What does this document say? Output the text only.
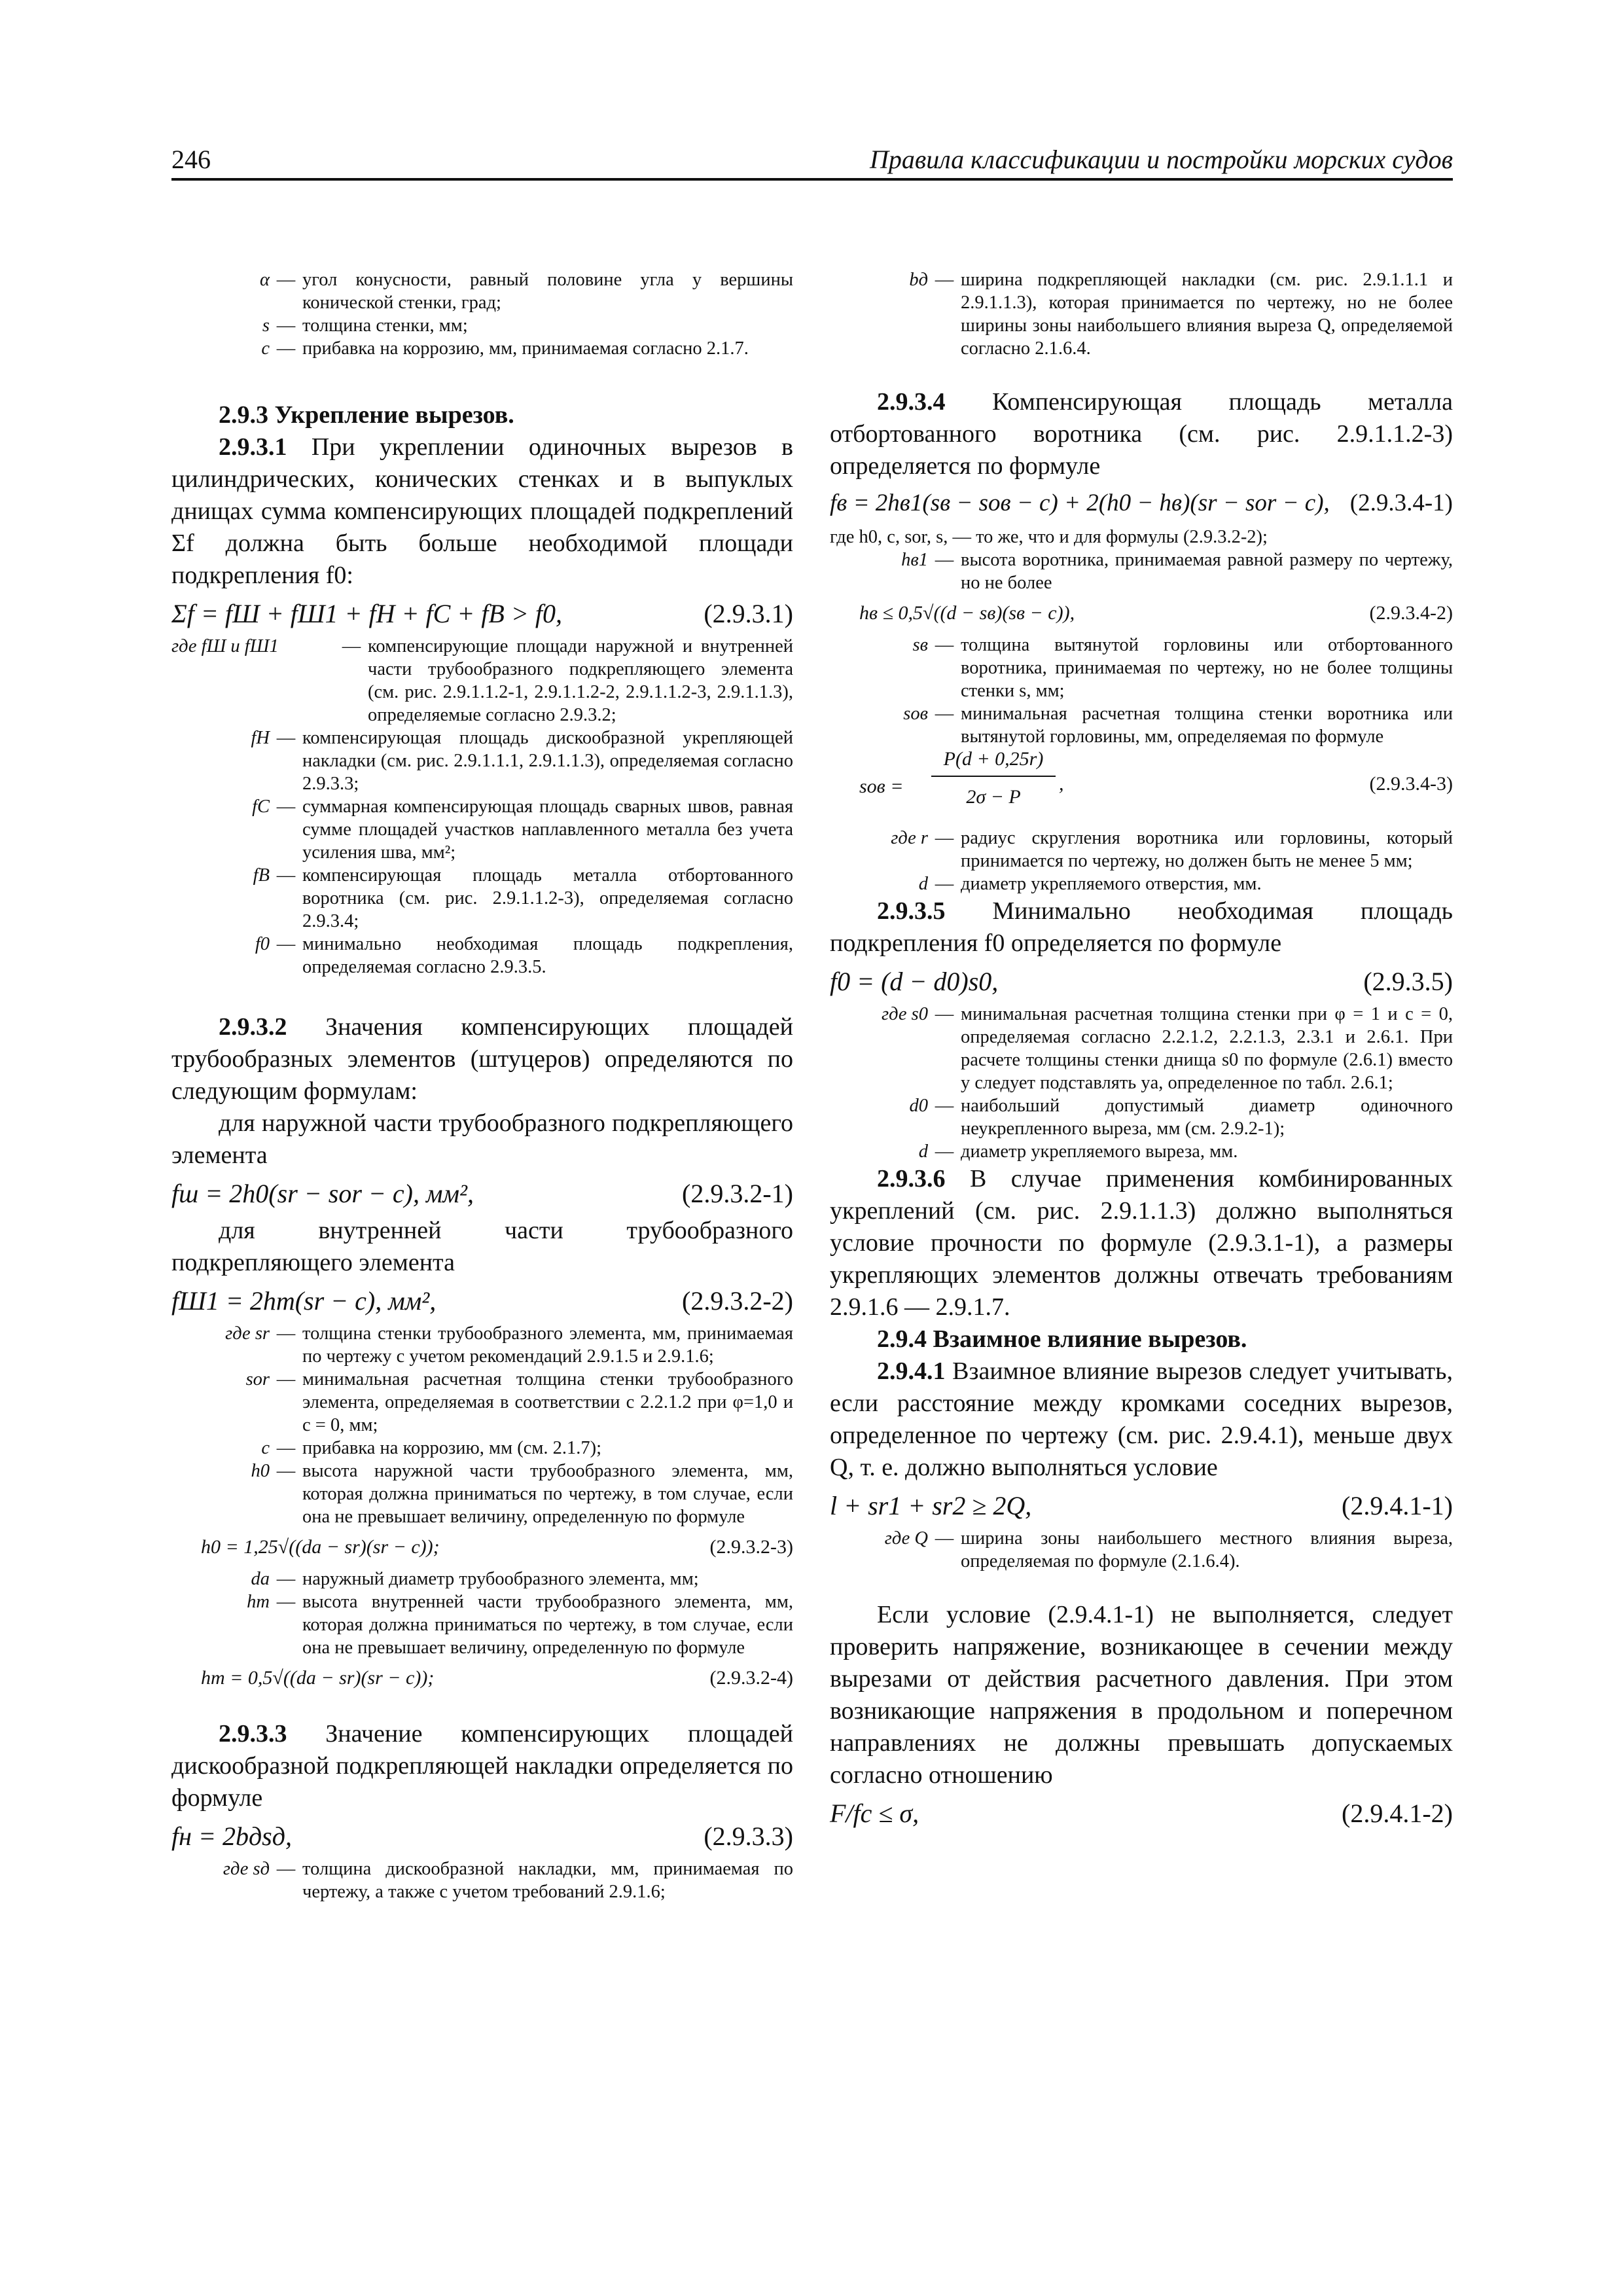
246	Правила классификации и постройки морских судов
α — угол конусности, равный половине угла у вершины конической стенки, град;
s — толщина стенки, мм;
c — прибавка на коррозию, мм, принимаемая согласно 2.1.7.
2.9.3 Укрепление вырезов.

2.9.3.1 При укреплении одиночных вырезов в цилиндрических, конических стенках и в выпуклых днищах сумма компенсирующих площадей подкреплений Σf должна быть больше необходимой площади подкрепления f0:

Σf = fШ + fШ1 + fН + fС + fВ > f0,	(2.9.3.1)
где fШ и fШ1	— компенсирующие площади наружной и внутренней части трубообразного подкрепляющего элемента (см. рис. 2.9.1.1.2-1, 2.9.1.1.2-2, 2.9.1.1.2-3, 2.9.1.1.3), определяемые согласно 2.9.3.2;
fН — компенсирующая площадь дискообразной укрепляющей накладки (см. рис. 2.9.1.1.1, 2.9.1.1.3), определяемая согласно 2.9.3.3;
fС — суммарная компенсирующая площадь сварных швов, равная сумме площадей участков наплавленного металла без учета усиления шва, мм²;
fВ — компенсирующая площадь металла отбортованного воротника (см. рис. 2.9.1.1.2-3), определяемая согласно 2.9.3.4;
f0 — минимально необходимая площадь подкрепления, определяемая согласно 2.9.3.5.

2.9.3.2 Значения компенсирующих площадей трубообразных элементов (штуцеров) определяются по следующим формулам:

для наружной части трубообразного подкрепляющего элемента

fш = 2h0(sr − sor − c), мм²,	(2.9.3.2-1)

для внутренней части трубообразного подкрепляющего элемента

fШ1 = 2hm(sr − c), мм²,	(2.9.3.2-2)
где sr — толщина стенки трубообразного элемента, мм, принимаемая по чертежу с учетом рекомендаций 2.9.1.5 и 2.9.1.6;
sor — минимальная расчетная толщина стенки трубообразного элемента, определяемая в соответствии с 2.2.1.2 при φ=1,0 и c = 0, мм;
c — прибавка на коррозию, мм (см. 2.1.7);
h0 — высота наружной части трубообразного элемента, мм, которая должна приниматься по чертежу, в том случае, если она не превышает величину, определенную по формуле
h0 = 1,25√((da − sr)(sr − c));	(2.9.3.2-3)
da — наружный диаметр трубообразного элемента, мм;
hm — высота внутренней части трубообразного элемента, мм, которая должна приниматься по чертежу, в том случае, если она не превышает величину, определенную по формуле
hm = 0,5√((da − sr)(sr − c));	(2.9.3.2-4)

2.9.3.3 Значение компенсирующих площадей дискообразной подкрепляющей накладки определяется по формуле

fн = 2bдsд,	(2.9.3.3)
где sд — толщина дискообразной накладки, мм, принимаемая по чертежу, а также с учетом требований 2.9.1.6;
bд — ширина подкрепляющей накладки (см. рис. 2.9.1.1.1 и 2.9.1.1.3), которая принимается по чертежу, но не более ширины зоны наибольшего влияния выреза Q, определяемой согласно 2.1.6.4.

2.9.3.4 Компенсирующая площадь металла отбортованного воротника (см. рис. 2.9.1.1.2-3) определяется по формуле

fв = 2hв1(sв − sов − c) + 2(h0 − hв)(sr − sor − c), (2.9.3.4-1)
где h0, c, sor, s, — то же, что и для формулы (2.9.3.2-2);
hв1 — высота воротника, принимаемая равной размеру по чертежу, но не более
hв ≤ 0,5√((d − sв)(sв − c)),	(2.9.3.4-2)
sв — толщина вытянутой горловины или отбортованного воротника, принимаемая по чертежу, но не более толщины стенки s, мм;
sов — минимальная расчетная толщина стенки воротника или вытянутой горловины, мм, определяемая по формуле
sов =
P(d + 0,25r)
2σ − P
,	(2.9.3.4-3)
где r — радиус скругления воротника или горловины, который принимается по чертежу, но должен быть не менее 5 мм;
d — диаметр укрепляемого отверстия, мм.

2.9.3.5 Минимально необходимая площадь подкрепления f0 определяется по формуле

f0 = (d − d0)s0,	(2.9.3.5)
где s0 — минимальная расчетная толщина стенки при φ = 1 и c = 0, определяемая согласно 2.2.1.2, 2.2.1.3, 2.3.1 и 2.6.1. При расчете толщины стенки днища s0 по формуле (2.6.1) вместо y следует подставлять ya, определенное по табл. 2.6.1;
d0 — наибольший допустимый диаметр одиночного неукрепленного выреза, мм (см. 2.9.2-1);
d — диаметр укрепляемого выреза, мм.

2.9.3.6 В случае применения комбинированных укреплений (см. рис. 2.9.1.1.3) должно выполняться условие прочности по формуле (2.9.3.1-1), а размеры укрепляющих элементов должны отвечать требованиям 2.9.1.6 — 2.9.1.7.

2.9.4 Взаимное влияние вырезов.

2.9.4.1 Взаимное влияние вырезов следует учитывать, если расстояние между кромками соседних вырезов, определенное по чертежу (см. рис. 2.9.4.1), меньше двух Q, т. е. должно выполняться условие

l + sr1 + sr2 ≥ 2Q,	(2.9.4.1-1)
где Q — ширина зоны наибольшего местного влияния выреза, определяемая по формуле (2.1.6.4).

Если условие (2.9.4.1-1) не выполняется, следует проверить напряжение, возникающее в сечении между вырезами от действия расчетного давления. При этом возникающие напряжения в продольном и поперечном направлениях не должны превышать допускаемых согласно отношению

F/fc ≤ σ,	(2.9.4.1-2)
